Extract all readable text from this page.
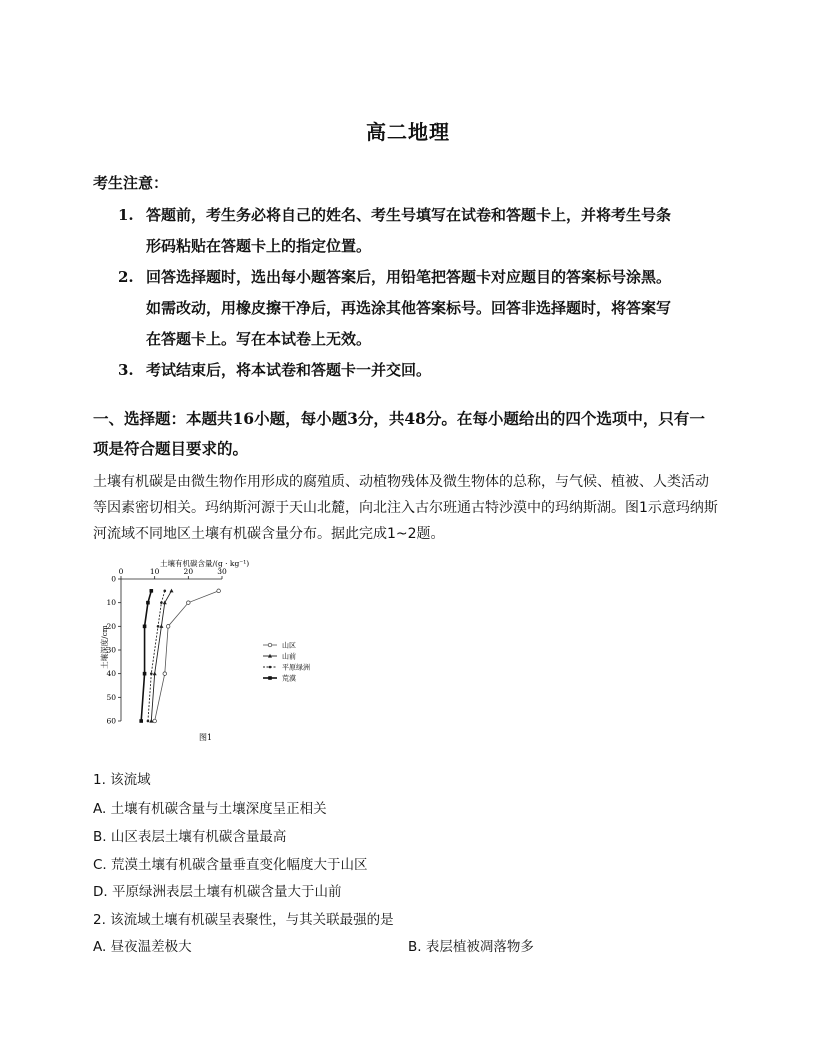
高二地理
考生注意：
1. 答题前，考生务必将自己的姓名、考生号填写在试卷和答题卡上，并将考生号条
形码粘贴在答题卡上的指定位置。
2. 回答选择题时，选出每小题答案后，用铅笔把答题卡对应题目的答案标号涂黑。
如需改动，用橡皮擦干净后，再选涂其他答案标号。回答非选择题时，将答案写
在答题卡上。写在本试卷上无效。
3. 考试结束后，将本试卷和答题卡一并交回。
一、选择题：本题共16小题，每小题3分，共48分。在每小题给出的四个选项中，只有一
项是符合题目要求的。
土壤有机碳是由微生物作用形成的腐殖质、动植物残体及微生物体的总称，与气候、植被、人类活动
等因素密切相关。玛纳斯河源于天山北麓，向北注入古尔班通古特沙漠中的玛纳斯湖。图1示意玛纳斯
河流域不同地区土壤有机碳含量分布。据此完成1~2题。
土壤有机碳含量/(g · kg⁻¹)
土壤深度/cm
0	10	20	30
0
10
20
30
40
50
60
山区
山前
平原绿洲
荒漠
图1
1. 该流域
A. 土壤有机碳含量与土壤深度呈正相关
B. 山区表层土壤有机碳含量最高
C. 荒漠土壤有机碳含量垂直变化幅度大于山区
D. 平原绿洲表层土壤有机碳含量大于山前
2. 该流域土壤有机碳呈表聚性，与其关联最强的是
A. 昼夜温差极大	B. 表层植被凋落物多
